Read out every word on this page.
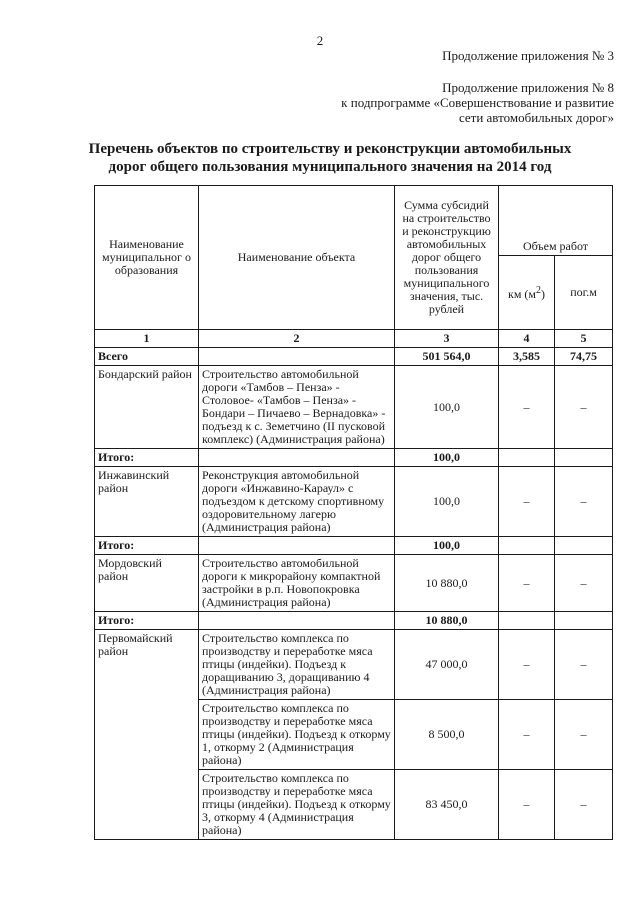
2
Продолжение приложения № 3
Продолжение приложения № 8
к подпрограмме «Совершенствование и развитие
сети автомобильных дорог»
Перечень объектов по строительству и реконструкции автомобильных
дорог общего пользования муниципального значения на 2014 год
Наименование муниципальног о образования	Наименование объекта	Сумма субсидий на строительство и реконструкцию автомобильных дорог общего пользования муниципального значения, тыс. рублей	Объем работ	
			км $(м^2)$	пог.м
1	2	3	4	5
Всего		501 564,0	3,585	74,75
Бондарский район	Строительство автомобильной дороги «Тамбов – Пенза» - Столовое- «Тамбов – Пенза» - Бондари – Пичаево – Вернадовка» - подъезд к с. Земетчино (II пусковой комплекс) (Администрация района)	100,0	–	–
Итого:		100,0		
Инжавинский район	Реконструкция автомобильной дороги «Инжавино-Караул» с подъездом к детскому спортивному оздоровительному лагерю (Администрация района)	100,0	–	–
Итого:		100,0		
Мордовский район	Строительство автомобильной дороги к микрорайону компактной застройки в р.п. Новопокровка (Администрация района)	10 880,0	–	–
Итого:		10 880,0		
Первомайский район	Строительство комплекса по производству и переработке мяса птицы (индейки). Подъезд к доращиванию 3, доращиванию 4 (Администрация района)	47 000,0	–	–
	Строительство комплекса по производству и переработке мяса птицы (индейки). Подъезд к откорму 1, откорму 2 (Администрация района)	8 500,0	–	–
	Строительство комплекса по производству и переработке мяса птицы (индейки). Подъезд к откорму 3, откорму 4 (Администрация района)	83 450,0	–	–
